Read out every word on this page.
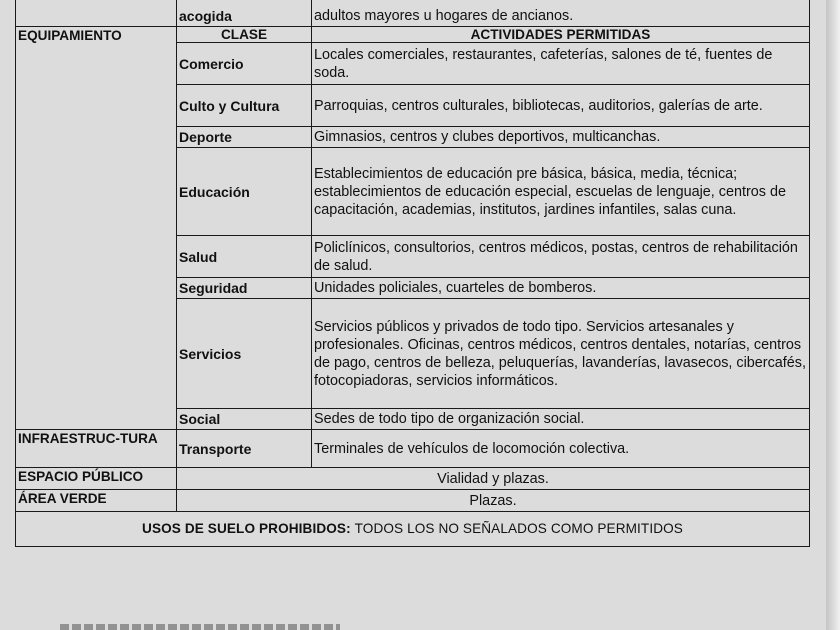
	acogida	adultos mayores u hogares de ancianos.
EQUIPAMIENTO	CLASE	ACTIVIDADES PERMITIDAS
	Comercio	Locales comerciales, restaurantes, cafeterías, salones de té, fuentes de soda.
	Culto y Cultura	Parroquias, centros culturales, bibliotecas, auditorios, galerías de arte.
	Deporte	Gimnasios, centros y clubes deportivos, multicanchas.
	Educación	Establecimientos de educación pre básica, básica, media, técnica; establecimientos de educación especial, escuelas de lenguaje, centros de capacitación, academias, institutos, jardines infantiles, salas cuna.
	Salud	Policlínicos, consultorios, centros médicos, postas, centros de rehabilitación de salud.
	Seguridad	Unidades policiales, cuarteles de bomberos.
	Servicios	Servicios públicos y privados de todo tipo. Servicios artesanales y profesionales. Oficinas, centros médicos, centros dentales, notarías, centros de pago, centros de belleza, peluquerías, lavanderías, lavasecos, cibercafés, fotocopiadoras, servicios informáticos.
	Social	Sedes de todo tipo de organización social.
INFRAESTRUC-TURA	Transporte	Terminales de vehículos de locomoción colectiva.
ESPACIO PÚBLICO	Vialidad y plazas.	
ÁREA VERDE	Plazas.	
USOS DE SUELO PROHIBIDOS: TODOS LOS NO SEÑALADOS COMO PERMITIDOS		
